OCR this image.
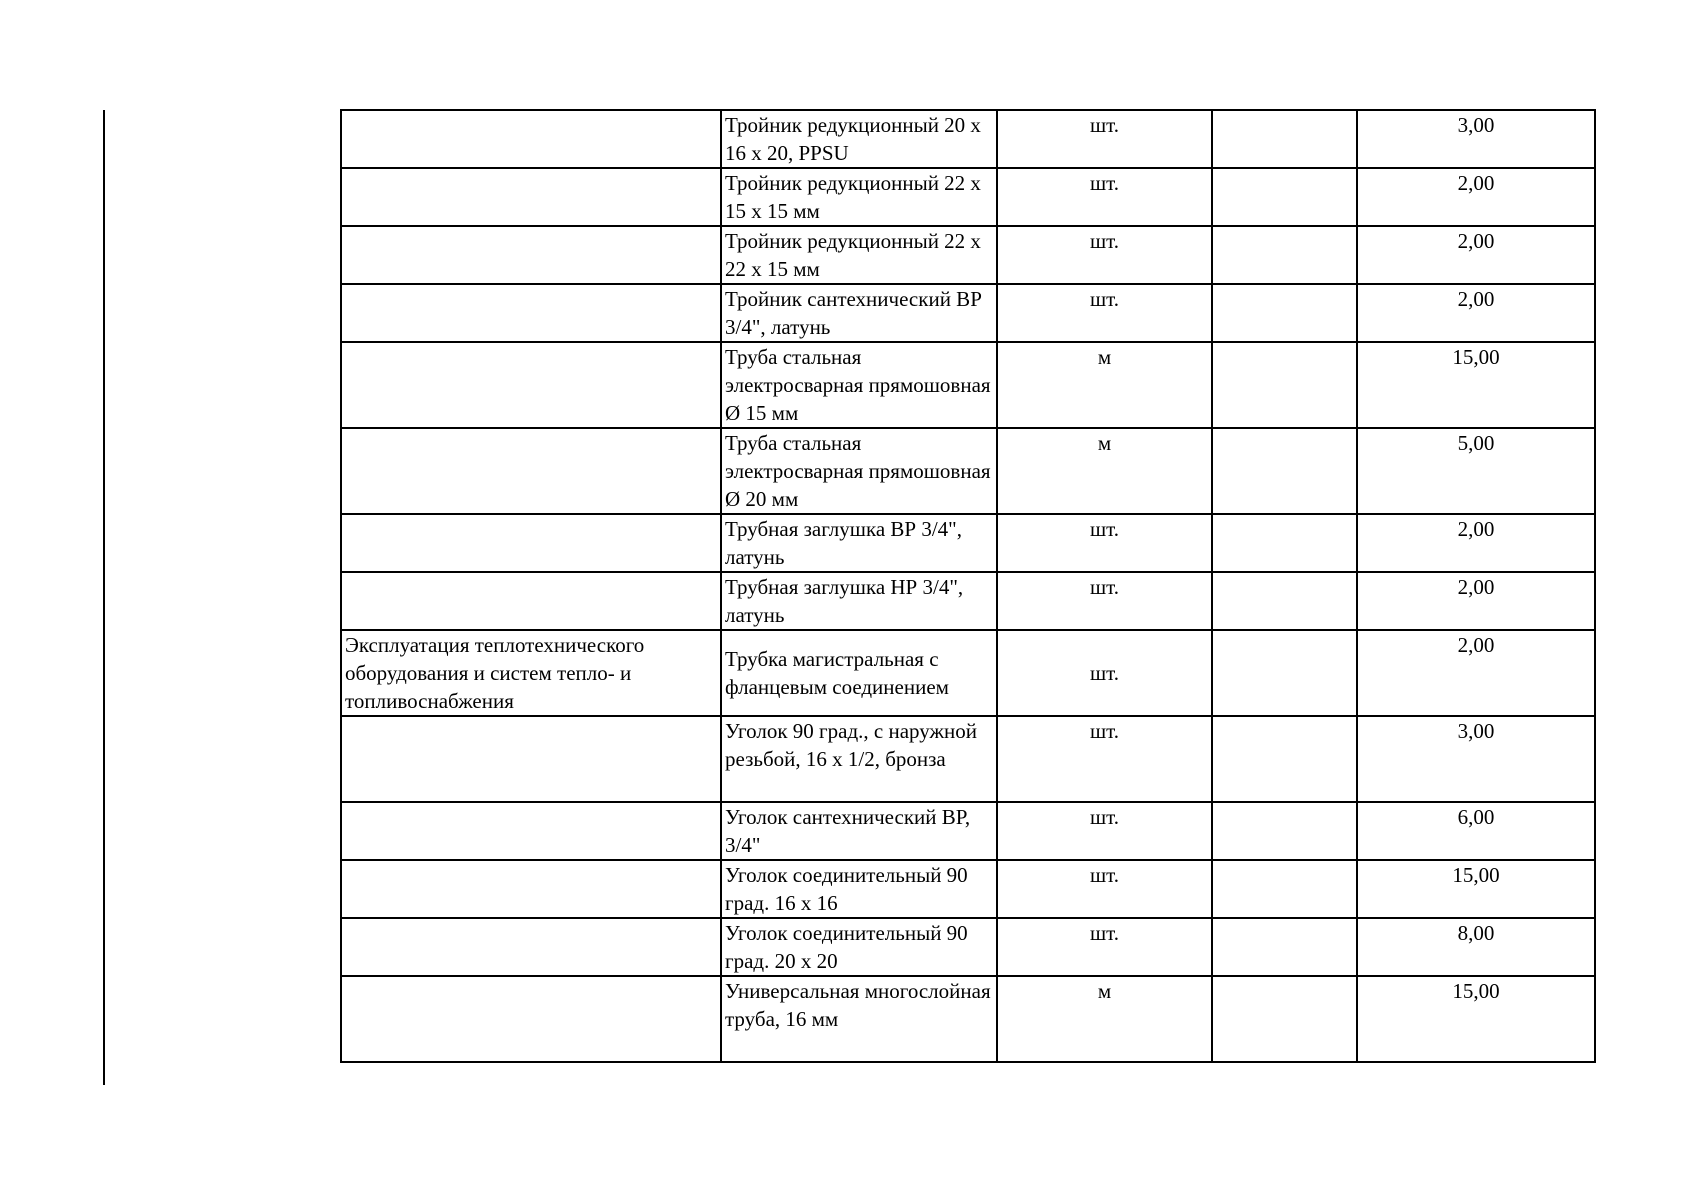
	Тройник редукционный 20 x 16 x 20, PPSU	шт.		3,00
	Тройник редукционный 22 x 15 x 15 мм	шт.		2,00
	Тройник редукционный 22 x 22 x 15 мм	шт.		2,00
	Тройник сантехнический ВР 3/4", латунь	шт.		2,00
	Труба стальная электросварная прямошовная Ø 15 мм	м		15,00
	Труба стальная электросварная прямошовная Ø 20 мм	м		5,00
	Трубная заглушка ВР 3/4", латунь	шт.		2,00
	Трубная заглушка НР 3/4", латунь	шт.		2,00
Эксплуатация теплотехнического оборудования и систем тепло- и топливоснабжения	Трубка магистральная с фланцевым соединением	шт.		2,00
	Уголок 90 град., с наружной резьбой, 16 x 1/2, бронза	шт.		3,00
	Уголок сантехнический ВР, 3/4"	шт.		6,00
	Уголок соединительный 90 град. 16 x 16	шт.		15,00
	Уголок соединительный 90 град. 20 x 20	шт.		8,00
	Универсальная многослойная труба, 16 мм	м		15,00
